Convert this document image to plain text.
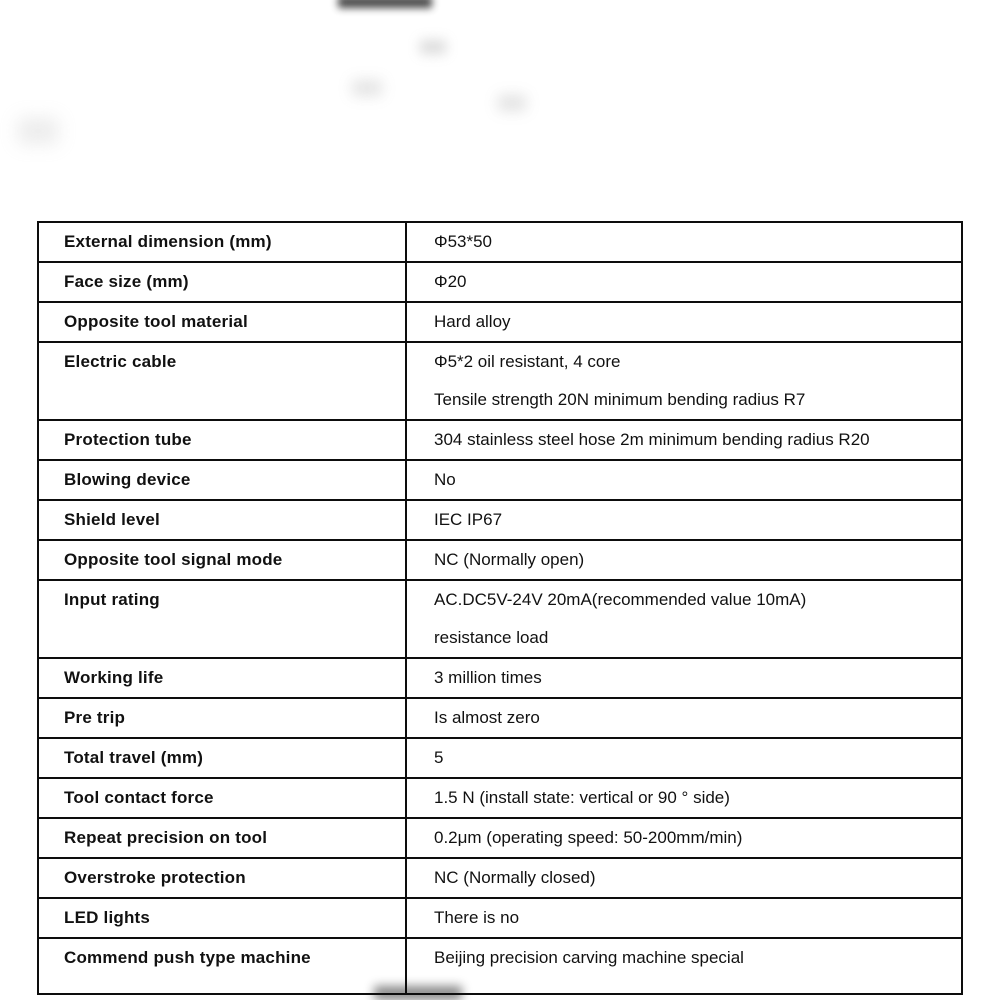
External dimension (mm)	Φ53*50

Face size (mm)	Φ20

Opposite tool material	Hard alloy

Electric cable	Φ5*2 oil resistant, 4 core
Tensile strength 20N minimum bending radius R7

Protection tube	304 stainless steel hose 2m minimum bending radius R20

Blowing device	No

Shield level	IEC IP67

Opposite tool signal mode	NC (Normally open)

Input rating	AC.DC5V-24V 20mA(recommended value 10mA)
resistance load

Working life	3 million times

Pre trip	Is almost zero

Total travel (mm)	5

Tool contact force	1.5 N (install state: vertical or 90 ° side)

Repeat precision on tool	0.2μm (operating speed: 50-200mm/min)

Overstroke protection	NC (Normally closed)

LED lights	There is no

Commend push type machine	Beijing precision carving machine special
